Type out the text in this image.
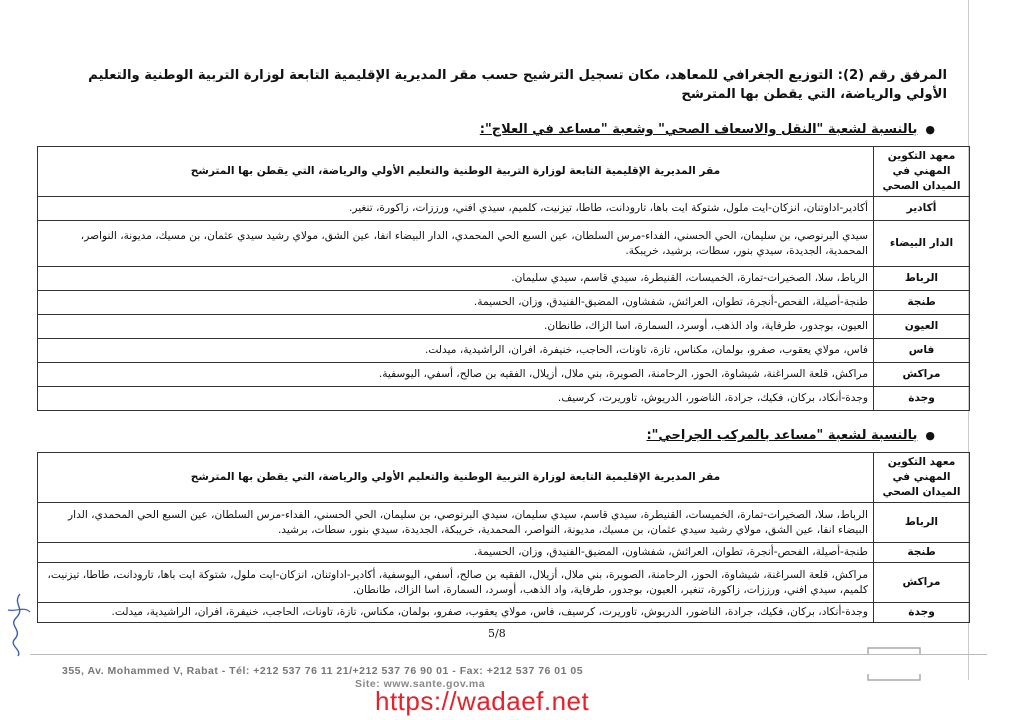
المرفق رقم (2): التوزيع الجغرافي للمعاهد، مكان تسجيل الترشيح حسب مقر المديرية الإقليمية التابعة لوزارة التربية الوطنية والتعليم الأولي والرياضة، التي يقطن بها المترشح
●بالنسبة لشعبة "النقل والاسعاف الصحي" وشعبة "مساعد في العلاج":
معهد التكوين المهني في الميدان الصحي	مقر المديرية الإقليمية التابعة لوزارة التربية الوطنية والتعليم الأولي والرياضة، التي يقطن بها المترشح
أكادير	أكادير-اداوتنان، انزكان-ايت ملول، شتوكة ايت باها، تارودانت، طاطا، تيزنيت، كلميم، سيدي افني، ورززات، زاكورة، تنغير.
الدار البيضاء	سيدي البرنوصي، بن سليمان، الحي الحسني، الفداء-مرس السلطان، عين السبع الحي المحمدي، الدار البيضاء انفا، عين الشق، مولاي رشيد سيدي عثمان، بن مسيك، مديونة، النواصر، المحمدية، الجديدة، سيدي بنور، سطات، برشيد، خريبكة.
الرباط	الرباط، سلا، الصخيرات-تمارة، الخميسات، القنيطرة، سيدي قاسم، سيدي سليمان.
طنجة	طنجة-أصيلة، الفحص-أنجرة، تطوان، العرائش، شفشاون، المضيق-الفنيدق، وزان، الحسيمة.
العيون	العيون، بوجدور، طرفاية، واد الذهب، أوسرد، السمارة، اسا الزاك، طانطان.
فاس	فاس، مولاي يعقوب، صفرو، بولمان، مكناس، تازة، تاونات، الحاجب، خنيفرة، افران، الراشيدية، ميدلت.
مراكش	مراكش، قلعة السراغنة، شيشاوة، الحوز، الرحامنة، الصويرة، بني ملال، أزيلال، الفقيه بن صالح، أسفي، اليوسفية.
وجدة	وجدة-أنكاد، بركان، فكيك، جرادة، الناضور، الدريوش، تاوريرت، كرسيف.
●بالنسبة لشعبة "مساعد بالمركب الجراحي":
معهد التكوين المهني في الميدان الصحي	مقر المديرية الإقليمية التابعة لوزارة التربية الوطنية والتعليم الأولي والرياضة، التي يقطن بها المترشح
الرباط	الرباط، سلا، الصخيرات-تمارة، الخميسات، القنيطرة، سيدي قاسم، سيدي سليمان، سيدي البرنوصي، بن سليمان، الحي الحسني، الفداء-مرس السلطان، عين السبع الحي المحمدي، الدار البيضاء انفا، عين الشق، مولاي رشيد سيدي عثمان، بن مسيك، مديونة، النواصر، المحمدية، خريبكة، الجديدة، سيدي بنور، سطات، برشيد.
طنجة	طنجة-أصيلة، الفحص-أنجرة، تطوان، العرائش، شفشاون، المضيق-الفنيدق، وزان، الحسيمة.
مراكش	مراكش، قلعة السراغنة، شيشاوة، الحوز، الرحامنة، الصويرة، بني ملال، أزيلال، الفقيه بن صالح، أسفي، اليوسفية، أكادير-اداوتنان، انزكان-ايت ملول، شتوكة ايت باها، تارودانت، طاطا، تيزنيت، كلميم، سيدي افني، ورززات، زاكورة، تنغير، العيون، بوجدور، طرفاية، واد الذهب، أوسرد، السمارة، اسا الزاك، طانطان.
وجدة	وجدة-أنكاد، بركان، فكيك، جرادة، الناضور، الدريوش، تاوريرت، كرسيف، فاس، مولاي يعقوب، صفرو، بولمان، مكناس، تازة، تاونات، الحاجب، خنيفرة، افران، الراشيدية، ميدلت.
5/8
355, Av. Mohammed V, Rabat - Tél: +212 537 76 11 21/+212 537 76 90 01 - Fax: +212 537 76 01 05
Site: www.sante.gov.ma
https://wadaef.net
